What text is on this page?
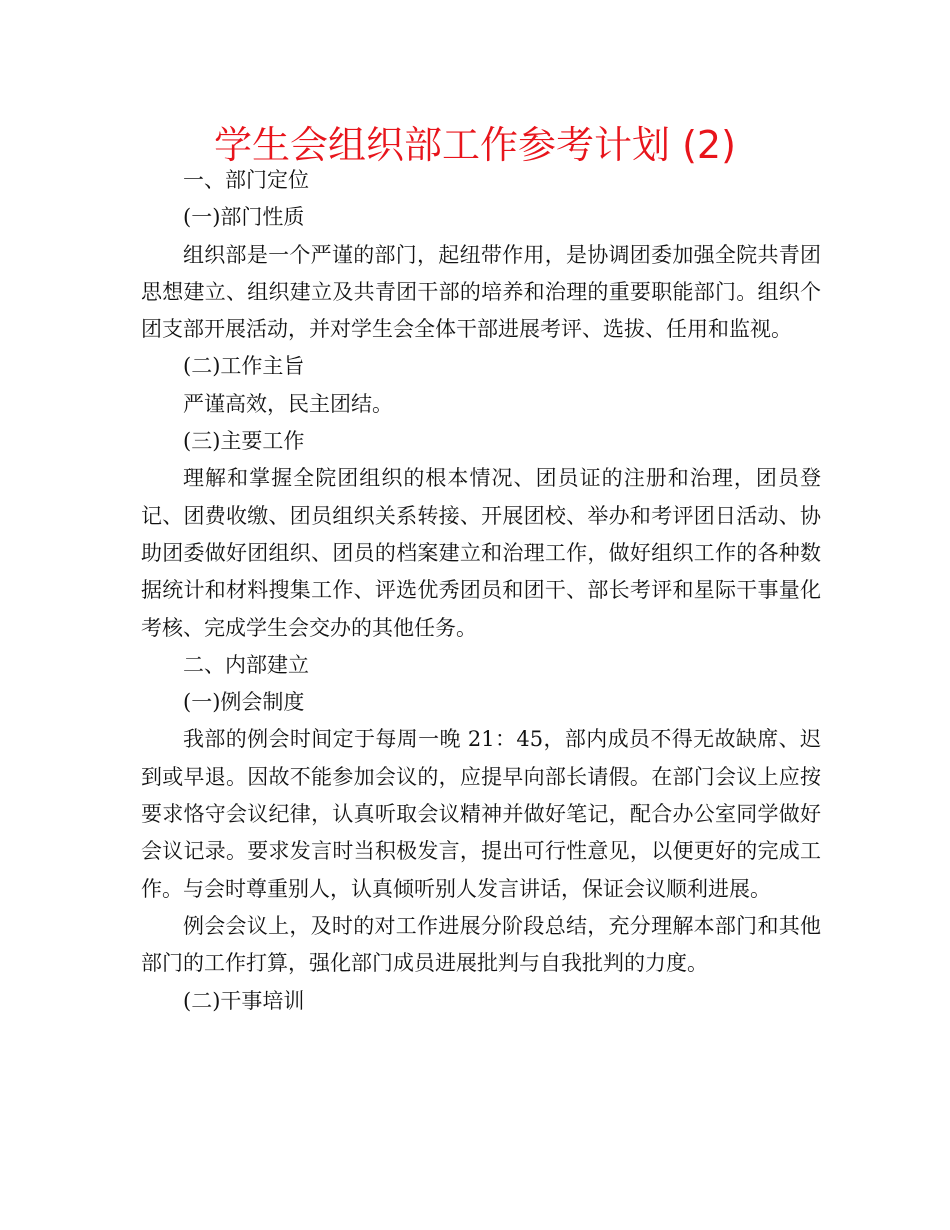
学生会组织部工作参考计划 (2)

一、部门定位

(一)部门性质

组织部是一个严谨的部门，起纽带作用，是协调团委加强全院共青团思想建立、组织建立及共青团干部的培养和治理的重要职能部门。组织个团支部开展活动，并对学生会全体干部进展考评、选拔、任用和监视。

(二)工作主旨

严谨高效，民主团结。

(三)主要工作

理解和掌握全院团组织的根本情况、团员证的注册和治理，团员登记、团费收缴、团员组织关系转接、开展团校、举办和考评团日活动、协助团委做好团组织、团员的档案建立和治理工作，做好组织工作的各种数据统计和材料搜集工作、评选优秀团员和团干、部长考评和星际干事量化考核、完成学生会交办的其他任务。

二、内部建立

(一)例会制度

我部的例会时间定于每周一晚 21：45，部内成员不得无故缺席、迟到或早退。因故不能参加会议的，应提早向部长请假。在部门会议上应按要求恪守会议纪律，认真听取会议精神并做好笔记，配合办公室同学做好会议记录。要求发言时当积极发言，提出可行性意见，以便更好的完成工作。与会时尊重别人，认真倾听别人发言讲话，保证会议顺利进展。

例会会议上，及时的对工作进展分阶段总结，充分理解本部门和其他部门的工作打算，强化部门成员进展批判与自我批判的力度。

(二)干事培训
